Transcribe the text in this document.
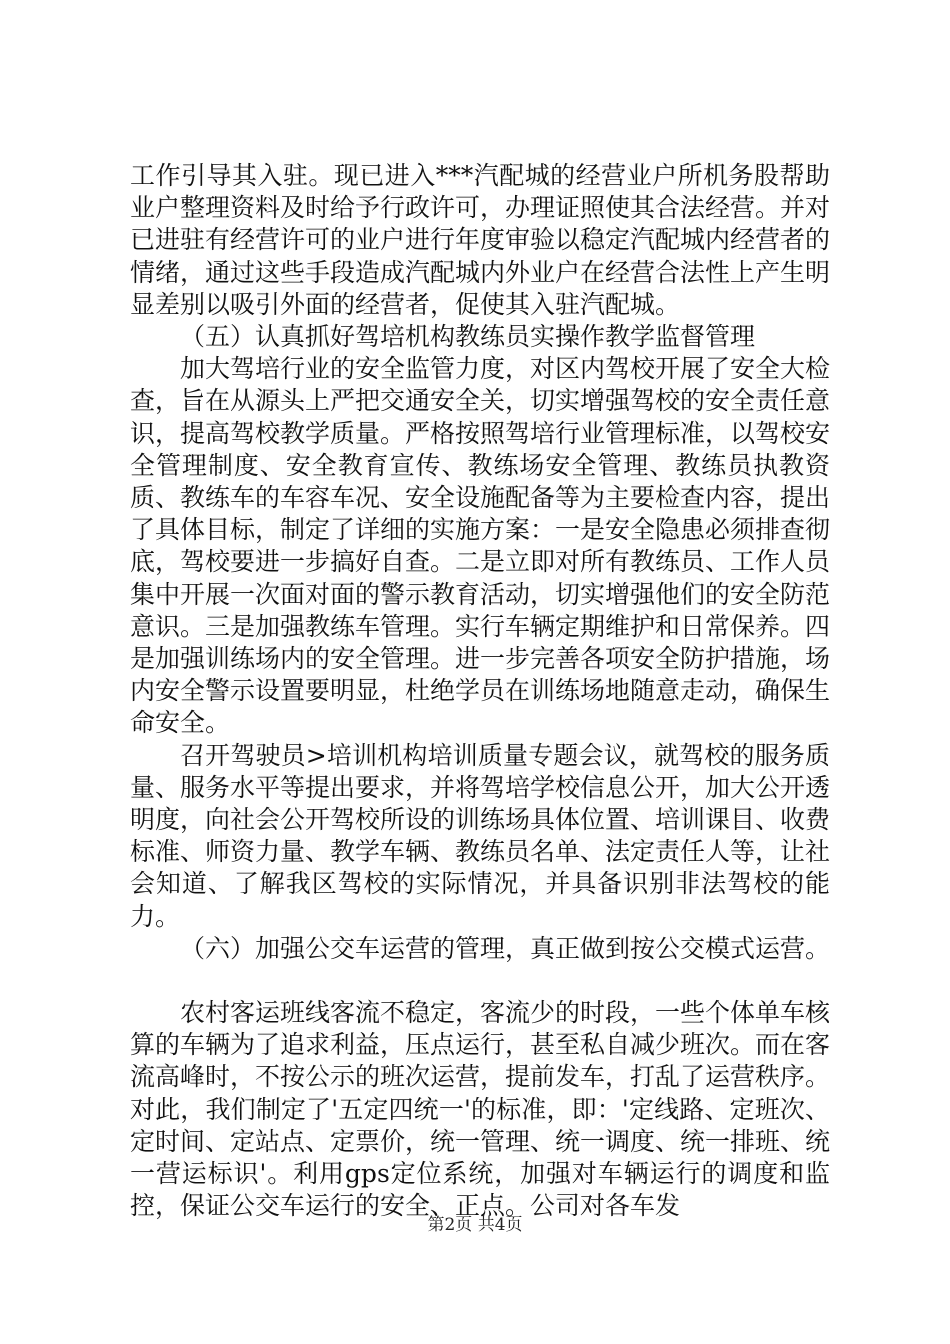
工作引导其入驻。现已进入***汽配城的经营业户所机务股帮助业户整理资料及时给予行政许可，办理证照使其合法经营。并对已进驻有经营许可的业户进行年度审验以稳定汽配城内经营者的情绪，通过这些手段造成汽配城内外业户在经营合法性上产生明显差别以吸引外面的经营者，促使其入驻汽配城。

（五）认真抓好驾培机构教练员实操作教学监督管理

加大驾培行业的安全监管力度，对区内驾校开展了安全大检查，旨在从源头上严把交通安全关，切实增强驾校的安全责任意识，提高驾校教学质量。严格按照驾培行业管理标准，以驾校安全管理制度、安全教育宣传、教练场安全管理、教练员执教资质、教练车的车容车况、安全设施配备等为主要检查内容，提出了具体目标，制定了详细的实施方案：一是安全隐患必须排查彻底，驾校要进一步搞好自查。二是立即对所有教练员、工作人员集中开展一次面对面的警示教育活动，切实增强他们的安全防范意识。三是加强教练车管理。实行车辆定期维护和日常保养。四是加强训练场内的安全管理。进一步完善各项安全防护措施，场内安全警示设置要明显，杜绝学员在训练场地随意走动，确保生命安全。

召开驾驶员>培训机构培训质量专题会议，就驾校的服务质量、服务水平等提出要求，并将驾培学校信息公开，加大公开透明度，向社会公开驾校所设的训练场具体位置、培训课目、收费标准、师资力量、教学车辆、教练员名单、法定责任人等，让社会知道、了解我区驾校的实际情况，并具备识别非法驾校的能力。

（六）加强公交车运营的管理，真正做到按公交模式运营。

农村客运班线客流不稳定，客流少的时段，一些个体单车核算的车辆为了追求利益，压点运行，甚至私自减少班次。而在客流高峰时，不按公示的班次运营，提前发车，打乱了运营秩序。对此，我们制定了'五定四统一'的标准，即：'定线路、定班次、定时间、定站点、定票价，统一管理、统一调度、统一排班、统一营运标识'。利用gps定位系统，加强对车辆运行的调度和监控，保证公交车运行的安全、正点。公司对各车发

第2页 共4页
